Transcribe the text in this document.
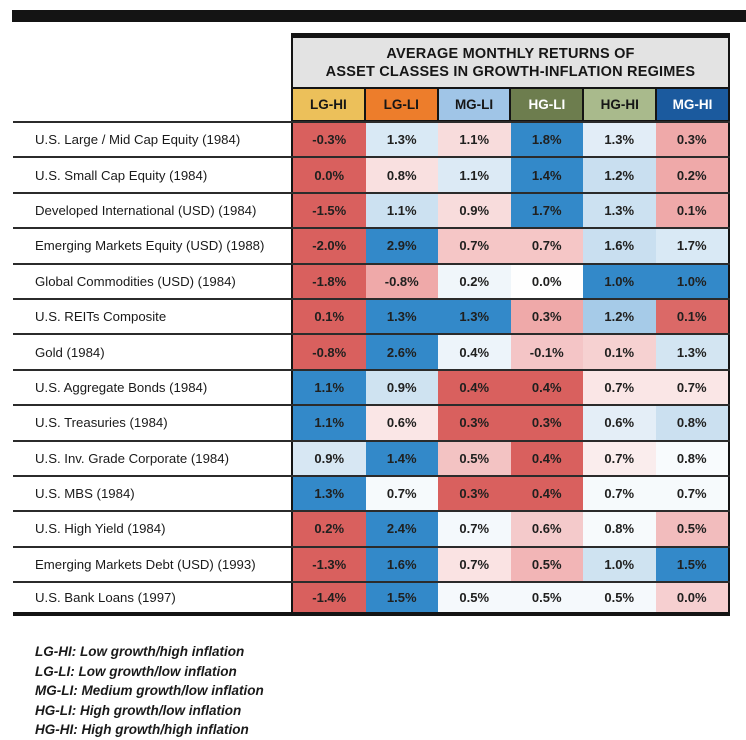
AVERAGE MONTHLY RETURNS OF
ASSET CLASSES IN GROWTH-INFLATION REGIMES
LG-HI	LG-LI	MG-LI	HG-LI	HG-HI	MG-HI
U.S. Large / Mid Cap Equity (1984)	-0.3%	1.3%	1.1%	1.8%	1.3%	0.3%
U.S. Small Cap Equity (1984)	0.0%	0.8%	1.1%	1.4%	1.2%	0.2%
Developed International (USD) (1984)	-1.5%	1.1%	0.9%	1.7%	1.3%	0.1%
Emerging Markets Equity (USD) (1988)	-2.0%	2.9%	0.7%	0.7%	1.6%	1.7%
Global Commodities (USD) (1984)	-1.8%	-0.8%	0.2%	0.0%	1.0%	1.0%
U.S. REITs Composite	0.1%	1.3%	1.3%	0.3%	1.2%	0.1%
Gold (1984)	-0.8%	2.6%	0.4%	-0.1%	0.1%	1.3%
U.S. Aggregate Bonds (1984)	1.1%	0.9%	0.4%	0.4%	0.7%	0.7%
U.S. Treasuries (1984)	1.1%	0.6%	0.3%	0.3%	0.6%	0.8%
U.S. Inv. Grade Corporate (1984)	0.9%	1.4%	0.5%	0.4%	0.7%	0.8%
U.S. MBS (1984)	1.3%	0.7%	0.3%	0.4%	0.7%	0.7%
U.S. High Yield (1984)	0.2%	2.4%	0.7%	0.6%	0.8%	0.5%
Emerging Markets Debt (USD) (1993)	-1.3%	1.6%	0.7%	0.5%	1.0%	1.5%
U.S. Bank Loans (1997)	-1.4%	1.5%	0.5%	0.5%	0.5%	0.0%
LG-HI: Low growth/high inflation
LG-LI: Low growth/low inflation
MG-LI: Medium growth/low inflation
HG-LI: High growth/low inflation
HG-HI: High growth/high inflation
